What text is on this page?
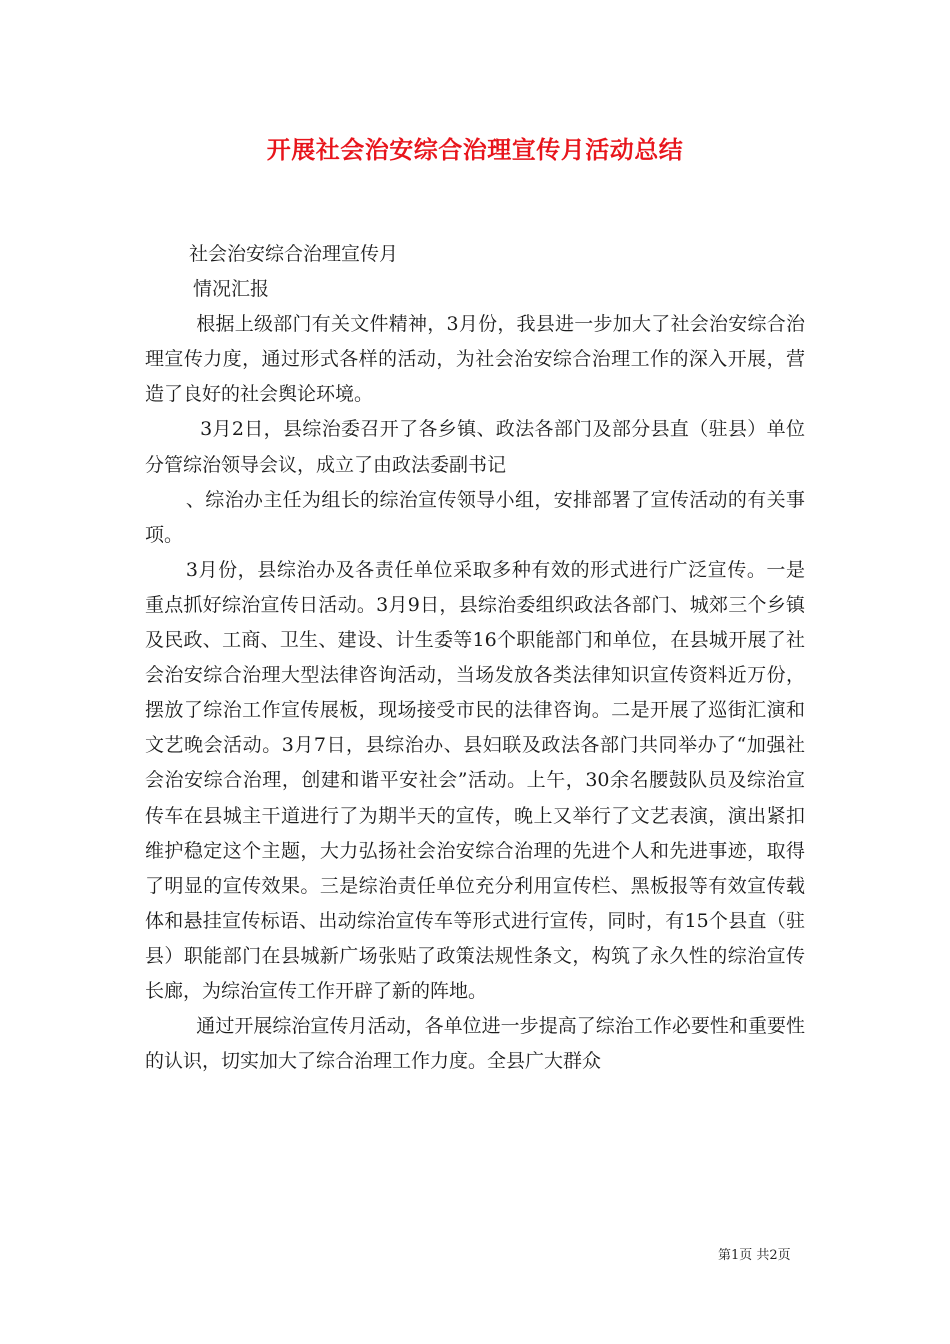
开展社会治安综合治理宣传月活动总结

社会治安综合治理宣传月

情况汇报

根据上级部门有关文件精神，3月份，我县进一步加大了社会治安综合治理宣传力度，通过形式各样的活动，为社会治安综合治理工作的深入开展，营造了良好的社会舆论环境。

3月2日，县综治委召开了各乡镇、政法各部门及部分县直（驻县）单位分管综治领导会议，成立了由政法委副书记

、综治办主任为组长的综治宣传领导小组，安排部署了宣传活动的有关事项。

3月份，县综治办及各责任单位采取多种有效的形式进行广泛宣传。一是重点抓好综治宣传日活动。3月9日，县综治委组织政法各部门、城郊三个乡镇及民政、工商、卫生、建设、计生委等16个职能部门和单位，在县城开展了社会治安综合治理大型法律咨询活动，当场发放各类法律知识宣传资料近万份，摆放了综治工作宣传展板，现场接受市民的法律咨询。二是开展了巡街汇演和文艺晚会活动。3月7日，县综治办、县妇联及政法各部门共同举办了“加强社会治安综合治理，创建和谐平安社会”活动。上午，30余名腰鼓队员及综治宣传车在县城主干道进行了为期半天的宣传，晚上又举行了文艺表演，演出紧扣维护稳定这个主题，大力弘扬社会治安综合治理的先进个人和先进事迹，取得了明显的宣传效果。三是综治责任单位充分利用宣传栏、黑板报等有效宣传载体和悬挂宣传标语、出动综治宣传车等形式进行宣传，同时，有15个县直（驻县）职能部门在县城新广场张贴了政策法规性条文，构筑了永久性的综治宣传长廊，为综治宣传工作开辟了新的阵地。

通过开展综治宣传月活动，各单位进一步提高了综治工作必要性和重要性的认识，切实加大了综合治理工作力度。全县广大群众

第1页 共2页
